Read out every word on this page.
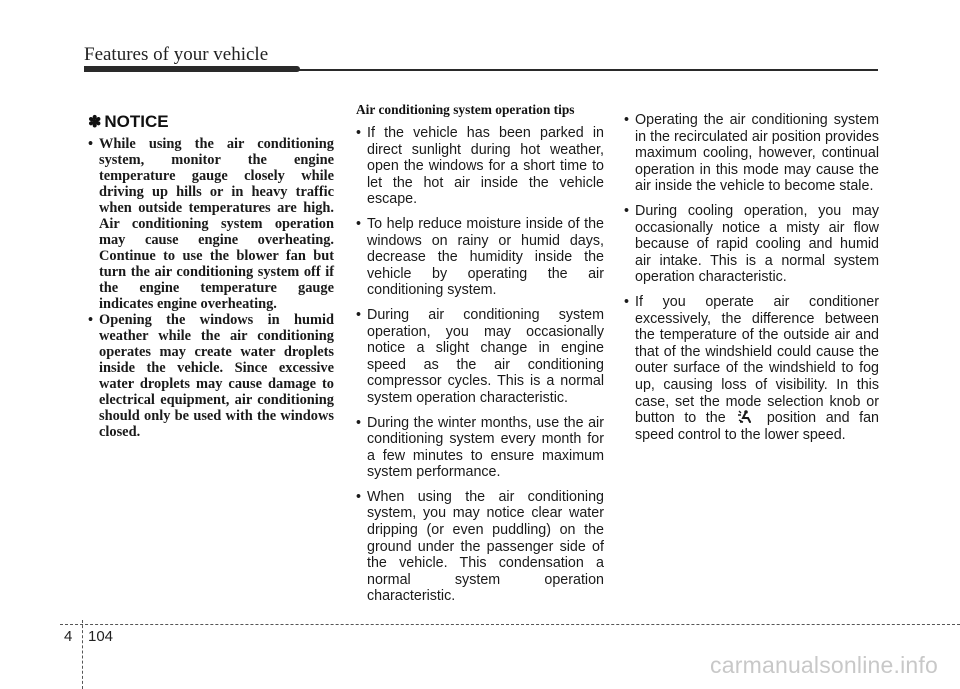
Features of your vehicle
✽ NOTICE
• While using the air conditioning system, monitor the engine temperature gauge closely while driving up hills or in heavy traffic when outside temperatures are high. Air conditioning system operation may cause engine overheating. Continue to use the blower fan but turn the air conditioning system off if the engine temperature gauge indicates engine overheating.
• Opening the windows in humid weather while the air conditioning operates may create water droplets inside the vehicle. Since excessive water droplets may cause damage to electrical equipment, air conditioning should only be used with the windows closed.
Air conditioning system operation tips
• If the vehicle has been parked in direct sunlight during hot weather, open the windows for a short time to let the hot air inside the vehicle escape.
• To help reduce moisture inside of the windows on rainy or humid days, decrease the humidity inside the vehicle by operating the air conditioning system.
• During air conditioning system operation, you may occasionally notice a slight change in engine speed as the air conditioning compressor cycles. This is a normal system operation characteristic.
• During the winter months, use the air conditioning system every month for a few minutes to ensure maximum system performance.
• When using the air conditioning system, you may notice clear water dripping (or even puddling) on the ground under the passenger side of the vehicle. This condensation a normal system operation characteristic.
• Operating the air conditioning system in the recirculated air position provides maximum cooling, however, continual operation in this mode may cause the air inside the vehicle to become stale.
• During cooling operation, you may occasionally notice a misty air flow because of rapid cooling and humid air intake. This is a normal system operation characteristic.
• If you operate air conditioner excessively, the difference between the temperature of the outside air and that of the windshield could cause the outer surface of the windshield to fog up, causing loss of visibility. In this case, set the mode selection knob or button to the	position and fan speed control to the lower speed.
4 104
carmanualsonline.info
